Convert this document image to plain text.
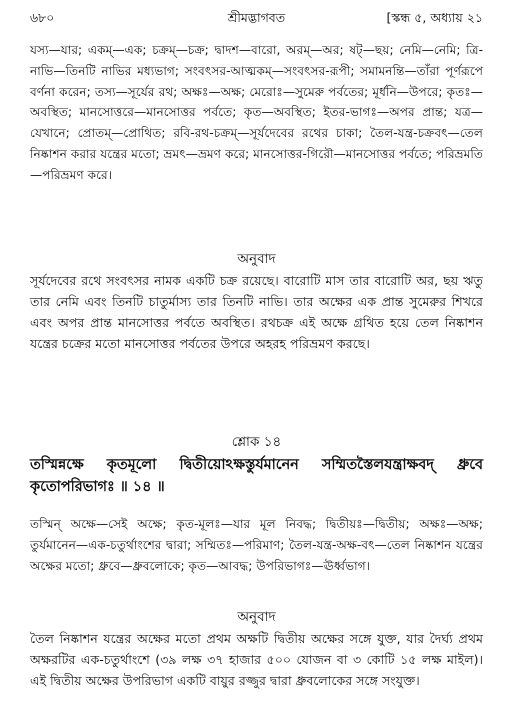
৬৮০	শ্রীমদ্ভাগবত	[স্কন্ধ ৫, অধ্যায় ২১
যস্য—যার; একম্—এক; চক্রম্—চক্র; দ্বাদশ—বারো, অরম্—অর; ষট্—ছয়; নেমি—নেমি; ত্রি-নাভি—তিনটি নাভির মধ্যভাগ; সংবৎসর-আত্মকম্—সংবৎসর-রূপী; সমামনন্তি—তাঁরা পূর্ণরূপে বর্ণনা করেন; তস্য—সূর্যের রথ; অক্ষঃ—অক্ষ; মেরোঃ—সুমেরু পর্বতের; মূর্ধনি—উপরে; কৃতঃ—অবস্থিত; মানসোত্তরে—মানসোত্তর পর্বতে; কৃত—অবস্থিত; ইতর-ভাগঃ—অপর প্রান্ত; যত্র—যেখানে; প্রোতম্—প্রোথিত; রবি-রথ-চক্রম্—সূর্যদেবের রথের চাকা; তৈল-যন্ত্র-চক্রবৎ—তেল নিষ্কাশন করার যন্ত্রের মতো; ভ্রমৎ—ভ্রমণ করে; মানসোত্তর-গিরৌ—মানসোত্তর পর্বতে; পরিভ্রমতি—পরিভ্রমণ করে।
অনুবাদ
সূর্যদেবের রথে সংবৎসর নামক একটি চক্র রয়েছে। বারোটি মাস তার বারোটি অর, ছয় ঋতু তার নেমি এবং তিনটি চাতুর্মাস্য তার তিনটি নাভি। তার অক্ষের এক প্রান্ত সুমেরুর শিখরে এবং অপর প্রান্ত মানসোত্তর পর্বতে অবস্থিত। রথচক্র এই অক্ষে গ্রথিত হয়ে তেল নিষ্কাশন যন্ত্রের চক্রের মতো মানসোত্তর পর্বতের উপরে অহরহ পরিভ্রমণ করছে।
শ্লোক ১৪
তস্মিন্নক্ষে কৃতমূলো দ্বিতীয়োঽক্ষস্তুর্যমানেন সম্মিতস্তৈলযন্ত্রাক্ষবদ্ ধ্রুবে কৃতোপরিভাগঃ ॥ ১৪ ॥
তস্মিন্ অক্ষে—সেই অক্ষে; কৃত-মূলঃ—যার মূল নিবদ্ধ; দ্বিতীয়ঃ—দ্বিতীয়; অক্ষঃ—অক্ষ; তুর্যমানেন—এক-চতুর্থাংশের দ্বারা; সম্মিতঃ—পরিমাণ; তৈল-যন্ত্র-অক্ষ-বৎ—তেল নিষ্কাশন যন্ত্রের অক্ষের মতো; ধ্রুবে—ধ্রুবলোকে; কৃত—আবদ্ধ; উপরিভাগঃ—ঊর্ধ্বভাগ।
অনুবাদ
তৈল নিষ্কাশন যন্ত্রের অক্ষের মতো প্রথম অক্ষটি দ্বিতীয় অক্ষের সঙ্গে যুক্ত, যার দৈর্ঘ্য প্রথম অক্ষরটির এক-চতুর্থাংশে (৩৯ লক্ষ ৩৭ হাজার ৫০০ যোজন বা ৩ কোটি ১৫ লক্ষ মাইল)। এই দ্বিতীয় অক্ষের উপরিভাগ একটি বায়ুর রজ্জুর দ্বারা ধ্রুবলোকের সঙ্গে সংযুক্ত।
